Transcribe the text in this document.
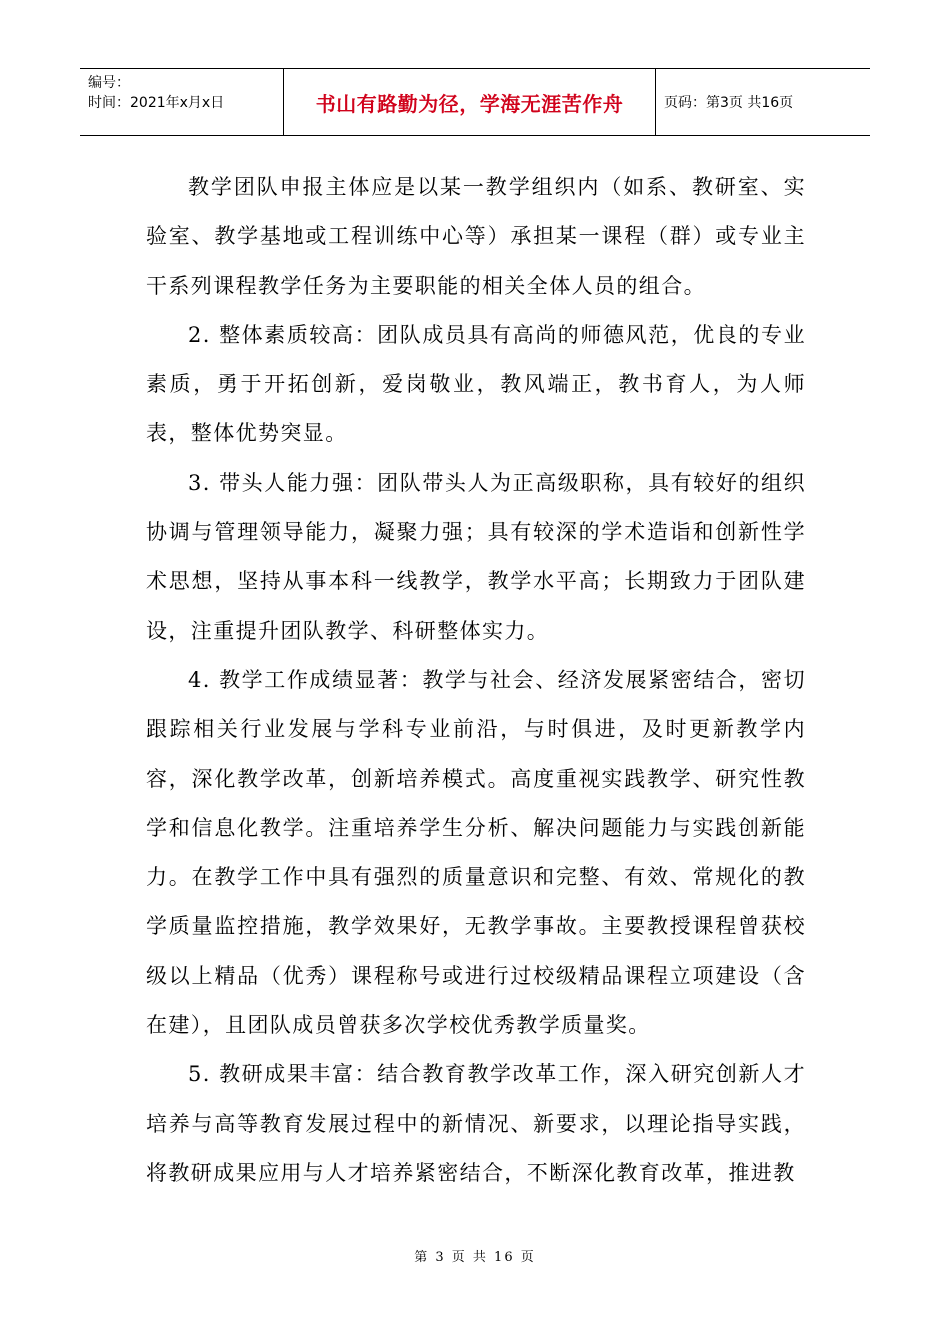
编号：
时间：2021年x月x日	书山有路勤为径，学海无涯苦作舟	页码：第3页 共16页

教学团队申报主体应是以某一教学组织内（如系、教研室、实验室、教学基地或工程训练中心等）承担某一课程（群）或专业主干系列课程教学任务为主要职能的相关全体人员的组合。

2. 整体素质较高：团队成员具有高尚的师德风范，优良的专业素质，勇于开拓创新，爱岗敬业，教风端正，教书育人，为人师表，整体优势突显。

3. 带头人能力强：团队带头人为正高级职称，具有较好的组织协调与管理领导能力，凝聚力强；具有较深的学术造诣和创新性学术思想，坚持从事本科一线教学，教学水平高；长期致力于团队建设，注重提升团队教学、科研整体实力。

4. 教学工作成绩显著：教学与社会、经济发展紧密结合，密切跟踪相关行业发展与学科专业前沿，与时俱进，及时更新教学内容，深化教学改革，创新培养模式。高度重视实践教学、研究性教学和信息化教学。注重培养学生分析、解决问题能力与实践创新能力。在教学工作中具有强烈的质量意识和完整、有效、常规化的教学质量监控措施，教学效果好，无教学事故。主要教授课程曾获校级以上精品（优秀）课程称号或进行过校级精品课程立项建设（含在建），且团队成员曾获多次学校优秀教学质量奖。

5. 教研成果丰富：结合教育教学改革工作，深入研究创新人才培养与高等教育发展过程中的新情况、新要求，以理论指导实践，将教研成果应用与人才培养紧密结合，不断深化教育改革，推进教

第 3 页 共 16 页
